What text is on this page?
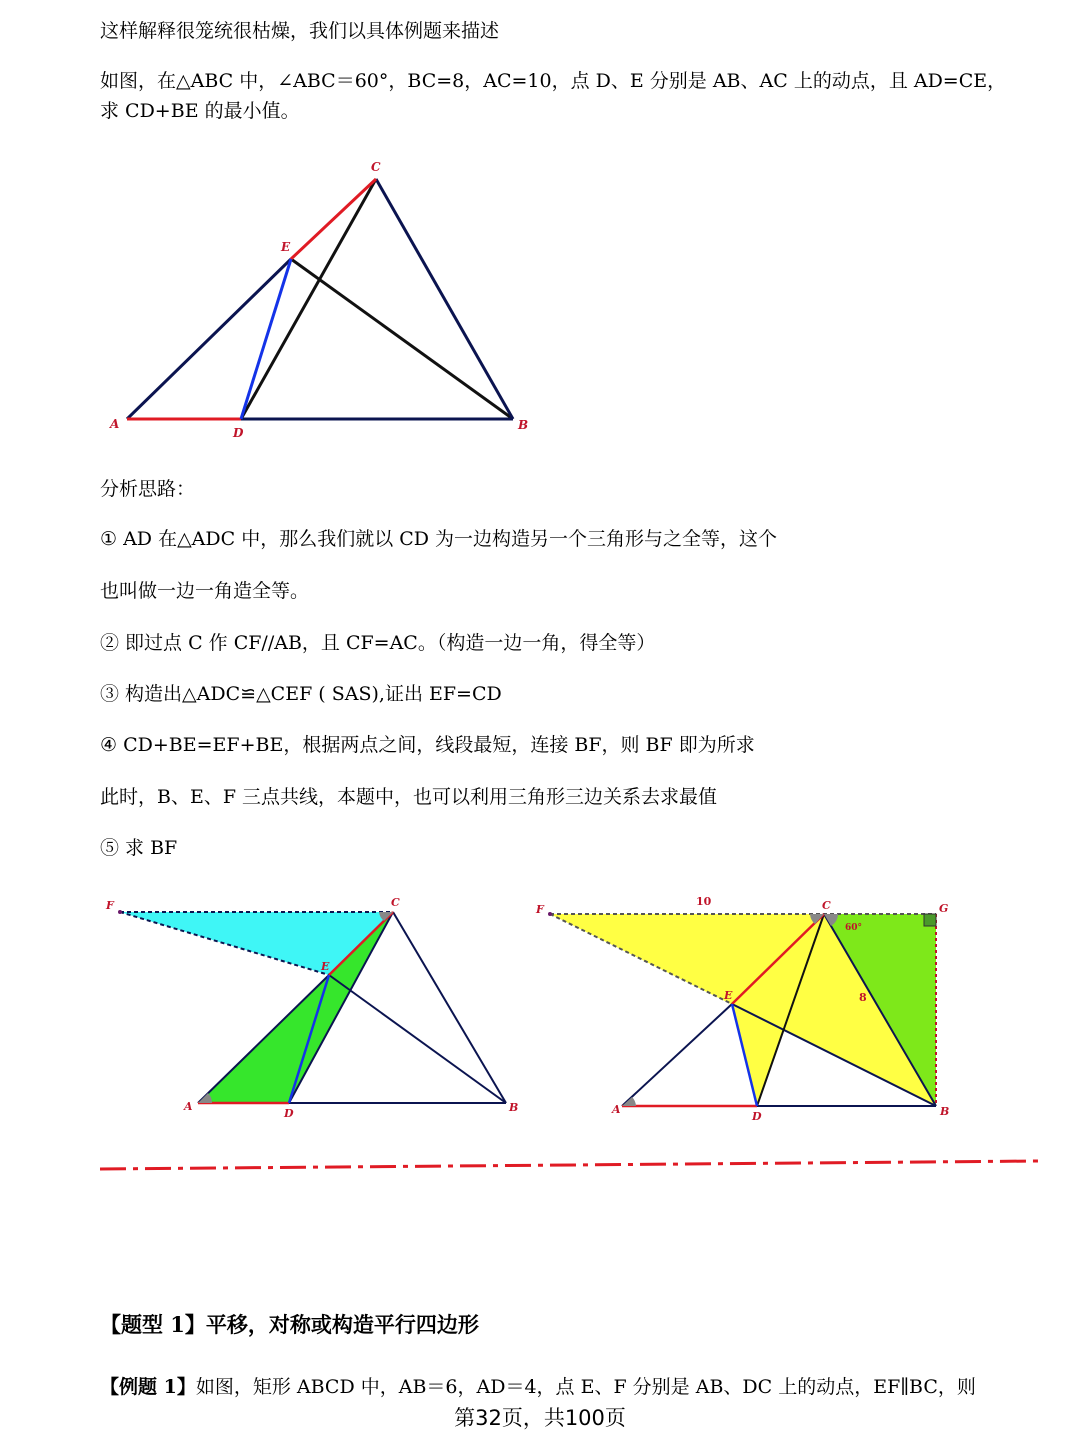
这样解释很笼统很枯燥，我们以具体例题来描述

如图，在△ABC 中，∠ABC＝60°，BC=8，AC=10，点 D、E 分别是 AB、AC 上的动点，且 AD=CE，

求 CD+BE 的最小值。

A
D
B
C
E

分析思路：

① AD 在△ADC 中，那么我们就以 CD 为一边构造另一个三角形与之全等，这个

也叫做一边一角造全等。

② 即过点 C 作 CF//AB，且 CF=AC。（构造一边一角，得全等）

③ 构造出△ADC≌△CEF ( SAS),证出 EF=CD

④ CD+BE=EF+BE，根据两点之间，线段最短，连接 BF，则 BF 即为所求

此时，B、E、F 三点共线，本题中，也可以利用三角形三边关系去求最值

⑤ 求 BF

F	C
E
A
D	B
F	C	G
E
A
D	B
10
8
60°

【题型 1】平移，对称或构造平行四边形

【例题 1】如图，矩形 ABCD 中，AB＝6，AD＝4，点 E、F 分别是 AB、DC 上的动点，EF∥BC，则

第32页，共100页
